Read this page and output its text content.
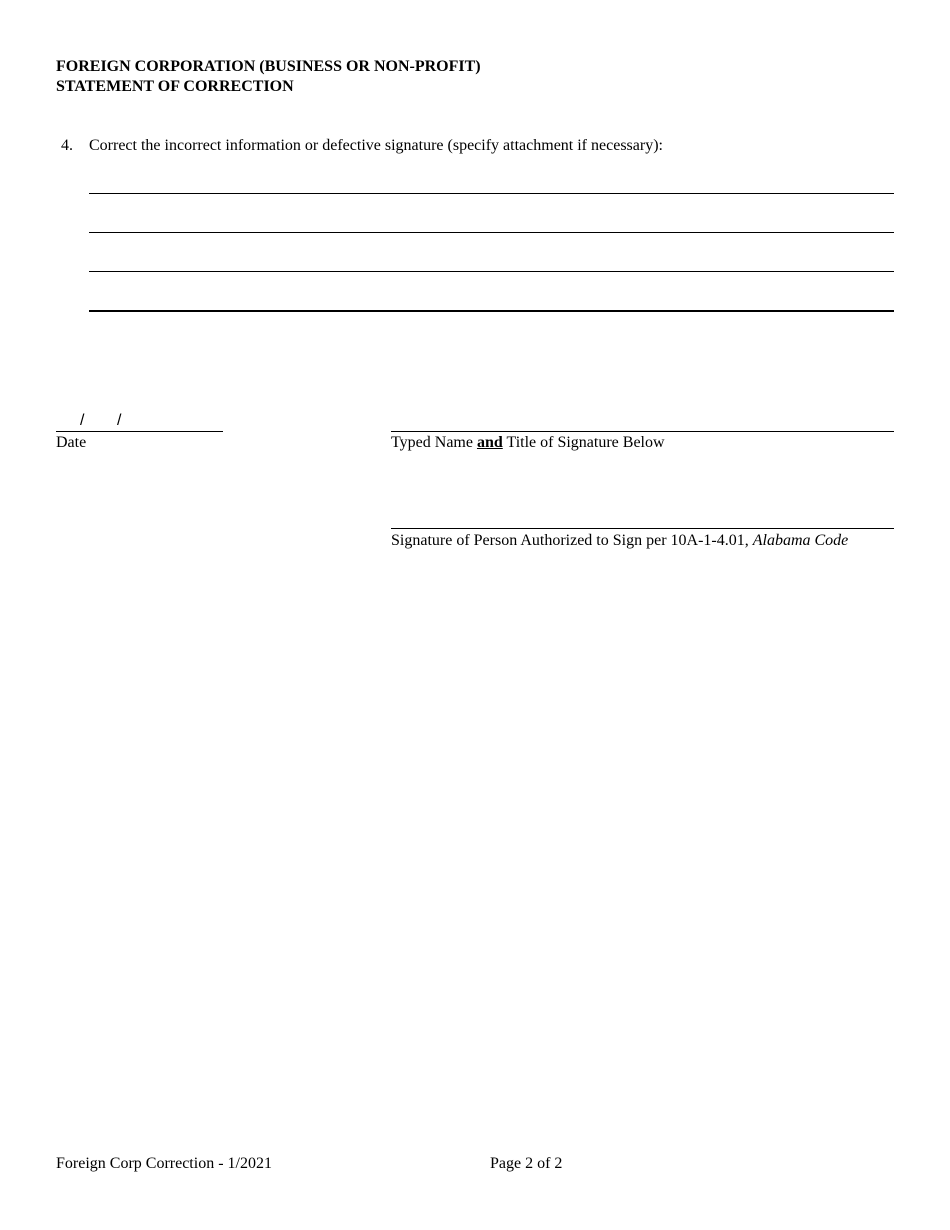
FOREIGN CORPORATION (BUSINESS OR NON-PROFIT)
STATEMENT OF CORRECTION
4. Correct the incorrect information or defective signature (specify attachment if necessary):
/ /
Date	Typed Name and Title of Signature Below
Signature of Person Authorized to Sign per 10A-1-4.01, Alabama Code
Foreign Corp Correction - 1/2021	Page 2 of 2
